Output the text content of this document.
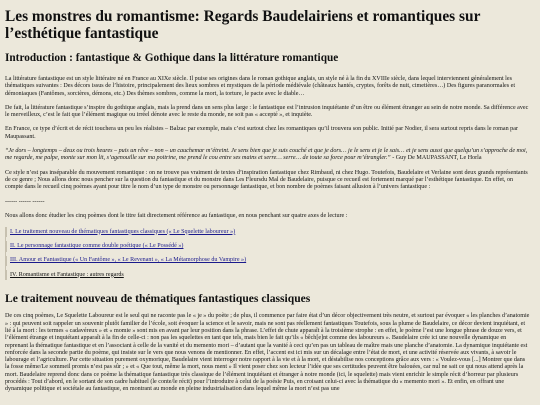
Les monstres du romantisme: Regards Baudelairiens et romantiques sur l’esthétique fantastique
Introduction : fantastique & Gothique dans la littérature romantique

La littérature fantastique est un style littéraire né en France au XIXe siècle. Il puise ses origines dans le roman gothique anglais, un style né à la fin du XVIIIe siècle, dans lequel interviennent généralement les thématiques suivantes : Des décors issus de l’histoire, principalement des lieux sombres et mystiques de la période médiévale (châteaux hantés, cryptes, forêts de nuit, cimetières…) Des figures paranormales et démoniaques (Fantômes, sorcières, démons, etc.) Des thèmes sombres, comme la mort, la torture, le pacte avec le diable…

De fait, la littérature fantastique s’inspire du gothique anglais, mais la prend dans un sens plus large : le fantastique est l’intrusion inquiétante d’un être ou élément étranger au sein de notre monde. Sa différence avec le merveilleux, c’est le fait que l’élément magique ou irréel dénote avec le reste du monde, ne soit pas « accepté », et inquiète.

En France, ce type d’écrit et de récit touchera un peu les réalistes – Balzac par exemple, mais c’est surtout chez les romantiques qu’il trouvera son public. Initié par Nodier, il sera surtout repris dans le roman par Maupassant.

“Je dors – longtemps – deux ou trois heures – puis un rêve – non – un cauchemar m’étreint. Je sens bien que je suis couché et que je dors… je le sens et je le sais… et je sens aussi que quelqu’un s’approche de moi, me regarde, me palpe, monte sur mon lit, s’agenouille sur ma poitrine, me prend le cou entre ses mains et serre… serre… de toute sa force pour m’étrangler.” - Guy De MAUPASSANT, Le Horla

Ce style n’est pas inséparable du mouvement romantique : on ne trouve pas vraiment de textes d’inspiration fantastique chez Rimbaud, ni chez Hugo. Toutefois, Baudelaire et Verlaine sont deux grands représentants de ce genre ; Nous allons donc nous pencher sur la question du fantastique et du monstre dans Les Fleursdu Mal de Baudelaire, puisque ce recueil est fortement marqué par l’esthétique fantastique. En effet, on compte dans le recueil cinq poèmes ayant pour titre le nom d’un type de monstre ou personnage fantastique, et bon nombre de poèmes faisant allusion à l’univers fantastique :

------ ------ ------

Nous allons donc étudier les cinq poèmes dont le titre fait directement référence au fantastique, en nous penchant sur quatre axes de lecture :

I. Le traitement nouveau de thématiques fantastiques classiques (« Le Squelette laboureur »)
II. Le personnage fantastique comme double poétique (« Le Possédé »)
III. Amour et Fantastique (« Un Fantôme », « Le Revenant », « La Métamorphose du Vampire »)
IV. Romantisme et Fantastique : autres regards
Le traitement nouveau de thématiques fantastiques classiques

De ces cinq poèmes, Le Squelette Laboureur est le seul qui ne raconte pas le « je » du poète ; de plus, il commence par faire état d’un décor objectivement très neutre, et surtout par évoquer « les planches d’anatomie » : qui peuvent soit rappeler un souvenir plutôt familier de l’école, soit évoquer la science et le savoir, mais ne sont pas réellement fantastiques Toutefois, sous la plume de Baudelaire, ce décor devient inquiétant, et lié à la mort : les termes « cadavéreux » et « momie » sont mis en avant par leur position dans la phrase. L’effet de chute apparaît à la troisième strophe : en effet, le poème l’est une longue phrase de douze vers, et l’élément étrange et inquiétant apparaît à la fin de celle-ci : non pas les squelettes en tant que tels, mais bien le fait qu’ils « bêch[e]nt comme des laboureurs ». Baudelaire crée ici une nouvelle dynamique en reprenant la thématique fantastique et en l’associant à celle de la vanité et du memento mori – d’autant que la vanité à ceci qu’en pas un tableau de maître mais une planche d’anatomie. La dynamique inquiétante est renforcée dans la seconde partie du poème, qui insiste sur le vers que nous venons de mentionner. En effet, l’accent est ici mis sur un décalage entre l’état de mort, et une activité réservée aux vivants, à savoir le labourage et l’agriculture. Par cette situation purement oxymorique, Baudelaire vient interroger notre rapport à la vie et à la mort, et déstabilise nos conceptions grâce aux vers : « Voulez-vous [...] Montrer que dans la fosse même/Le sommeil promis n’est pas sûr ; » et « Que tout, même la mort, nous ment » Il vient poser chez son lecteur l’idée que ses certitudes peuvent être balouées, car nul ne sait ce qui nous attend après la mort. Baudelaire reprend donc dans ce poème la thématique fantastique très classique de l’élément inquiétant et étranger à notre monde (ici, le squelette) mais vient enrichir le simple récit d’horreur par plusieurs procédés : Tout d’abord, en le sortant de son cadre habituel (le conte/le récit) pour l’introduire à celui de la poésie Puis, en croisant celui-ci avec la thématique du « memento mori ». Et enfin, en offrant une dynamique politique et sociétale au fantastique, en montrant au monde en pleine industrialisation dans lequel même la mort n’est pas une
